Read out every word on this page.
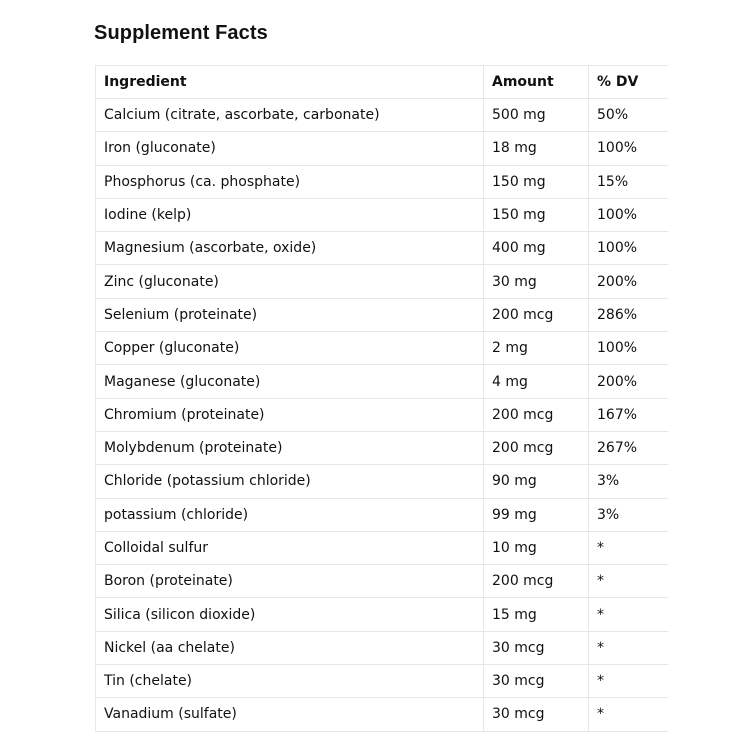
Supplement Facts
Ingredient	Amount	% DV
Calcium (citrate, ascorbate, carbonate)	500 mg	50%
Iron (gluconate)	18 mg	100%
Phosphorus (ca. phosphate)	150 mg	15%
Iodine (kelp)	150 mg	100%
Magnesium (ascorbate, oxide)	400 mg	100%
Zinc (gluconate)	30 mg	200%
Selenium (proteinate)	200 mcg	286%
Copper (gluconate)	2 mg	100%
Maganese (gluconate)	4 mg	200%
Chromium (proteinate)	200 mcg	167%
Molybdenum (proteinate)	200 mcg	267%
Chloride (potassium chloride)	90 mg	3%
potassium (chloride)	99 mg	3%
Colloidal sulfur	10 mg	*
Boron (proteinate)	200 mcg	*
Silica (silicon dioxide)	15 mg	*
Nickel (aa chelate)	30 mcg	*
Tin (chelate)	30 mcg	*
Vanadium (sulfate)	30 mcg	*
